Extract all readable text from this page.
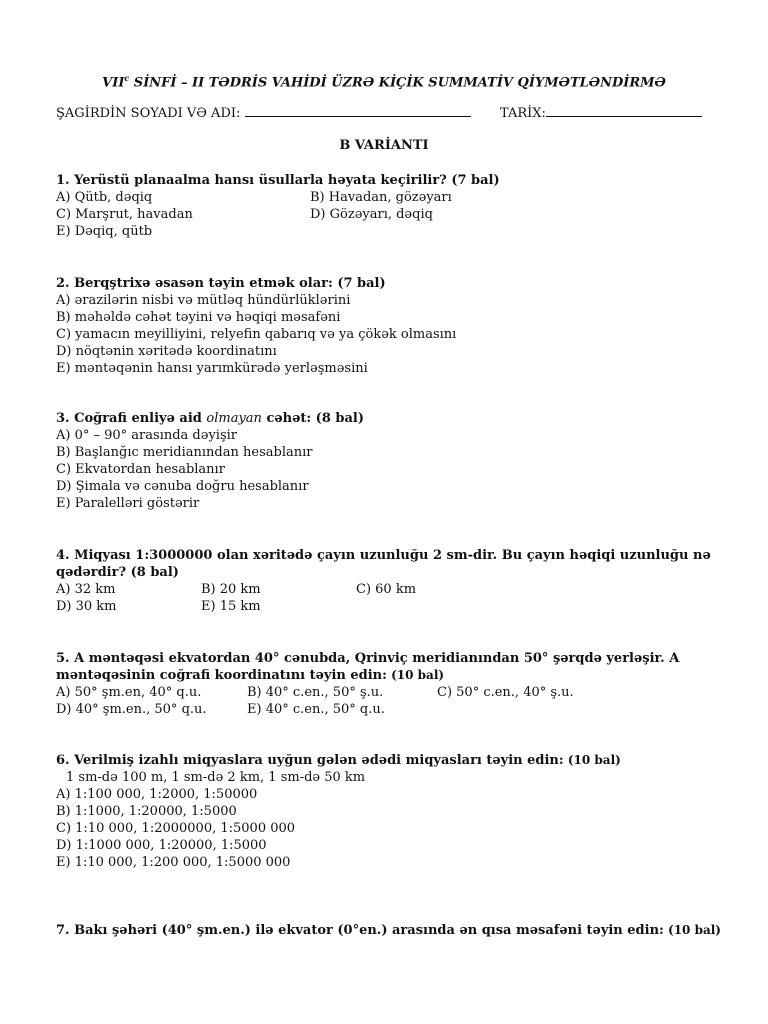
VII$^c$ SİNFİ – II TƏDRİS VAHİDİ ÜZRƏ KİÇİK SUMMATİV QİYMƏTLƏNDİRMƏ
ŞAGİRDİN SOYADI VƏ ADI:	TARİX:
B VARİANTI
1. Yerüstü planaalma hansı üsullarla həyata keçirilir? (7 bal)
A) Qütb, dəqiq	B) Havadan, gözəyarı
C) Marşrut, havadan	D) Gözəyarı, dəqiq
E) Dəqiq, qütb
2. Berqştrixə əsasən təyin etmək olar: (7 bal)
A) ərazilərin nisbi və mütləq hündürlüklərini
B) məhəldə cəhət təyini və həqiqi məsafəni
C) yamacın meyilliyini, relyefin qabarıq və ya çökək olmasını
D) nöqtənin xəritədə koordinatını
E) məntəqənin hansı yarımkürədə yerləşməsini
3. Coğrafi enliyə aid olmayan cəhət: (8 bal)
A) 0° – 90° arasında dəyişir
B) Başlanğıc meridianından hesablanır
C) Ekvatordan hesablanır
D) Şimala və cənuba doğru hesablanır
E) Paralelləri göstərir
4. Miqyası 1:3000000 olan xəritədə çayın uzunluğu 2 sm-dir. Bu çayın həqiqi uzunluğu nə qədərdir? (8 bal)
A) 32 km	B) 20 km	C) 60 km
D) 30 km	E) 15 km
5. A məntəqəsi ekvatordan 40° cənubda, Qrinviç meridianından 50° şərqdə yerləşir. A məntəqəsinin coğrafi koordinatını təyin edin: (10 bal)
A) 50° şm.en, 40° q.u.	B) 40° c.en., 50° ş.u.	C) 50° c.en., 40° ş.u.
D) 40° şm.en., 50° q.u.	E) 40° c.en., 50° q.u.
6. Verilmiş izahlı miqyaslara uyğun gələn ədədi miqyasları təyin edin: (10 bal)
1 sm-də 100 m, 1 sm-də 2 km, 1 sm-də 50 km
A) 1:100 000, 1:2000, 1:50000
B) 1:1000, 1:20000, 1:5000
C) 1:10 000, 1:2000000, 1:5000 000
D) 1:1000 000, 1:20000, 1:5000
E) 1:10 000, 1:200 000, 1:5000 000
7. Bakı şəhəri (40° şm.en.) ilə ekvator (0°en.) arasında ən qısa məsafəni təyin edin: (10 bal)
